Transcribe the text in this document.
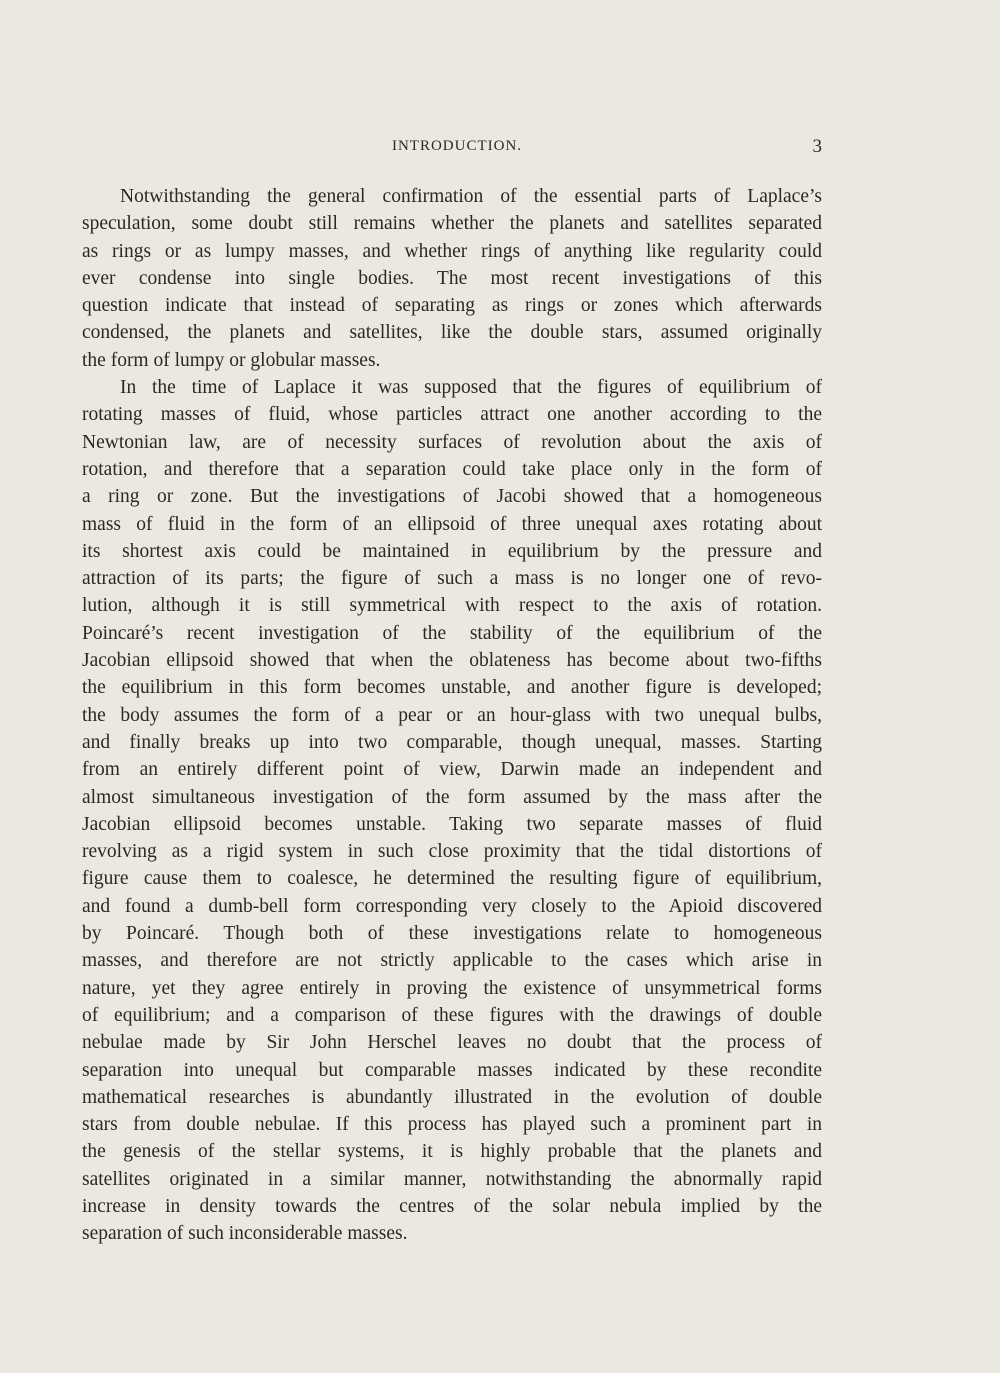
INTRODUCTION.	3
Notwithstanding the general confirmation of the essential parts of Laplace’s
speculation, some doubt still remains whether the planets and satellites separated
as rings or as lumpy masses, and whether rings of anything like regularity could
ever condense into single bodies. The most recent investigations of this
question indicate that instead of separating as rings or zones which afterwards
condensed, the planets and satellites, like the double stars, assumed originally
the form of lumpy or globular masses.
In the time of Laplace it was supposed that the figures of equilibrium of
rotating masses of fluid, whose particles attract one another according to the
Newtonian law, are of necessity surfaces of revolution about the axis of
rotation, and therefore that a separation could take place only in the form of
a ring or zone. But the investigations of Jacobi showed that a homogeneous
mass of fluid in the form of an ellipsoid of three unequal axes rotating about
its shortest axis could be maintained in equilibrium by the pressure and
attraction of its parts; the figure of such a mass is no longer one of revo-
lution, although it is still symmetrical with respect to the axis of rotation.
Poincaré’s recent investigation of the stability of the equilibrium of the
Jacobian ellipsoid showed that when the oblateness has become about two-fifths
the equilibrium in this form becomes unstable, and another figure is developed;
the body assumes the form of a pear or an hour-glass with two unequal bulbs,
and finally breaks up into two comparable, though unequal, masses. Starting
from an entirely different point of view, Darwin made an independent and
almost simultaneous investigation of the form assumed by the mass after the
Jacobian ellipsoid becomes unstable. Taking two separate masses of fluid
revolving as a rigid system in such close proximity that the tidal distortions of
figure cause them to coalesce, he determined the resulting figure of equilibrium,
and found a dumb-bell form corresponding very closely to the Apioid discovered
by Poincaré. Though both of these investigations relate to homogeneous
masses, and therefore are not strictly applicable to the cases which arise in
nature, yet they agree entirely in proving the existence of unsymmetrical forms
of equilibrium; and a comparison of these figures with the drawings of double
nebulae made by Sir John Herschel leaves no doubt that the process of
separation into unequal but comparable masses indicated by these recondite
mathematical researches is abundantly illustrated in the evolution of double
stars from double nebulae. If this process has played such a prominent part in
the genesis of the stellar systems, it is highly probable that the planets and
satellites originated in a similar manner, notwithstanding the abnormally rapid
increase in density towards the centres of the solar nebula implied by the
separation of such inconsiderable masses.
